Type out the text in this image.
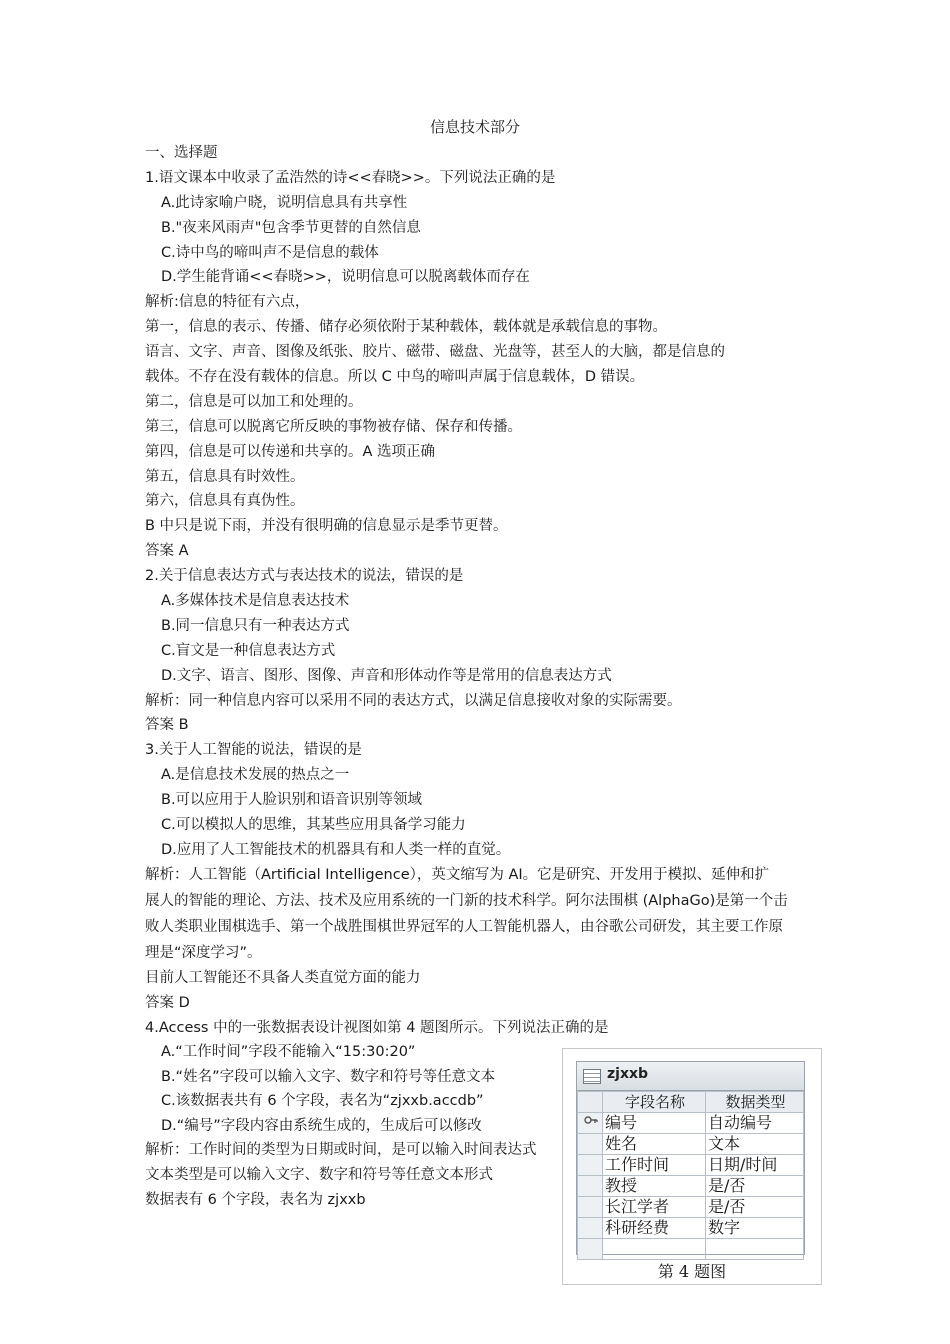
信息技术部分
一、选择题
1.语文课本中收录了孟浩然的诗<<春晓>>。下列说法正确的是
A.此诗家喻户晓，说明信息具有共享性
B."夜来风雨声"包含季节更替的自然信息
C.诗中鸟的啼叫声不是信息的载体
D.学生能背诵<<春晓>>，说明信息可以脱离载体而存在
解析:信息的特征有六点，
第一，信息的表示、传播、储存必须依附于某种载体，载体就是承载信息的事物。
语言、文字、声音、图像及纸张、胶片、磁带、磁盘、光盘等，甚至人的大脑，都是信息的
载体。不存在没有载体的信息。所以 C 中鸟的啼叫声属于信息载体，D 错误。
第二，信息是可以加工和处理的。
第三，信息可以脱离它所反映的事物被存储、保存和传播。
第四，信息是可以传递和共享的。A 选项正确
第五，信息具有时效性。
第六，信息具有真伪性。
B 中只是说下雨，并没有很明确的信息显示是季节更替。
答案 A
2.关于信息表达方式与表达技术的说法，错误的是
A.多媒体技术是信息表达技术
B.同一信息只有一种表达方式
C.盲文是一种信息表达方式
D.文字、语言、图形、图像、声音和形体动作等是常用的信息表达方式
解析：同一种信息内容可以采用不同的表达方式，以满足信息接收对象的实际需要。
答案 B
3.关于人工智能的说法，错误的是
A.是信息技术发展的热点之一
B.可以应用于人脸识别和语音识别等领域
C.可以模拟人的思维，其某些应用具备学习能力
D.应用了人工智能技术的机器具有和人类一样的直觉。
解析：人工智能（Artificial Intelligence），英文缩写为 AI。它是研究、开发用于模拟、延伸和扩
展人的智能的理论、方法、技术及应用系统的一门新的技术科学。阿尔法围棋 (AlphaGo)是第一个击
败人类职业围棋选手、第一个战胜围棋世界冠军的人工智能机器人，由谷歌公司研发，其主要工作原
理是“深度学习”。
目前人工智能还不具备人类直觉方面的能力
答案 D
4.Access 中的一张数据表设计视图如第 4 题图所示。下列说法正确的是
A.“工作时间”字段不能输入“15:30:20”
B.“姓名”字段可以输入文字、数字和符号等任意文本
C.该数据表共有 6 个字段，表名为“zjxxb.accdb”
D.“编号”字段内容由系统生成的，生成后可以修改
解析：工作时间的类型为日期或时间，是可以输入时间表达式
文本类型是可以输入文字、数字和符号等任意文本形式
数据表有 6 个字段，表名为 zjxxb
zjxxb
	字段名称	数据类型
	编号	自动编号
	姓名	文本
	工作时间	日期/时间
	教授	是/否
	长江学者	是/否
	科研经费	数字

第 4 题图
